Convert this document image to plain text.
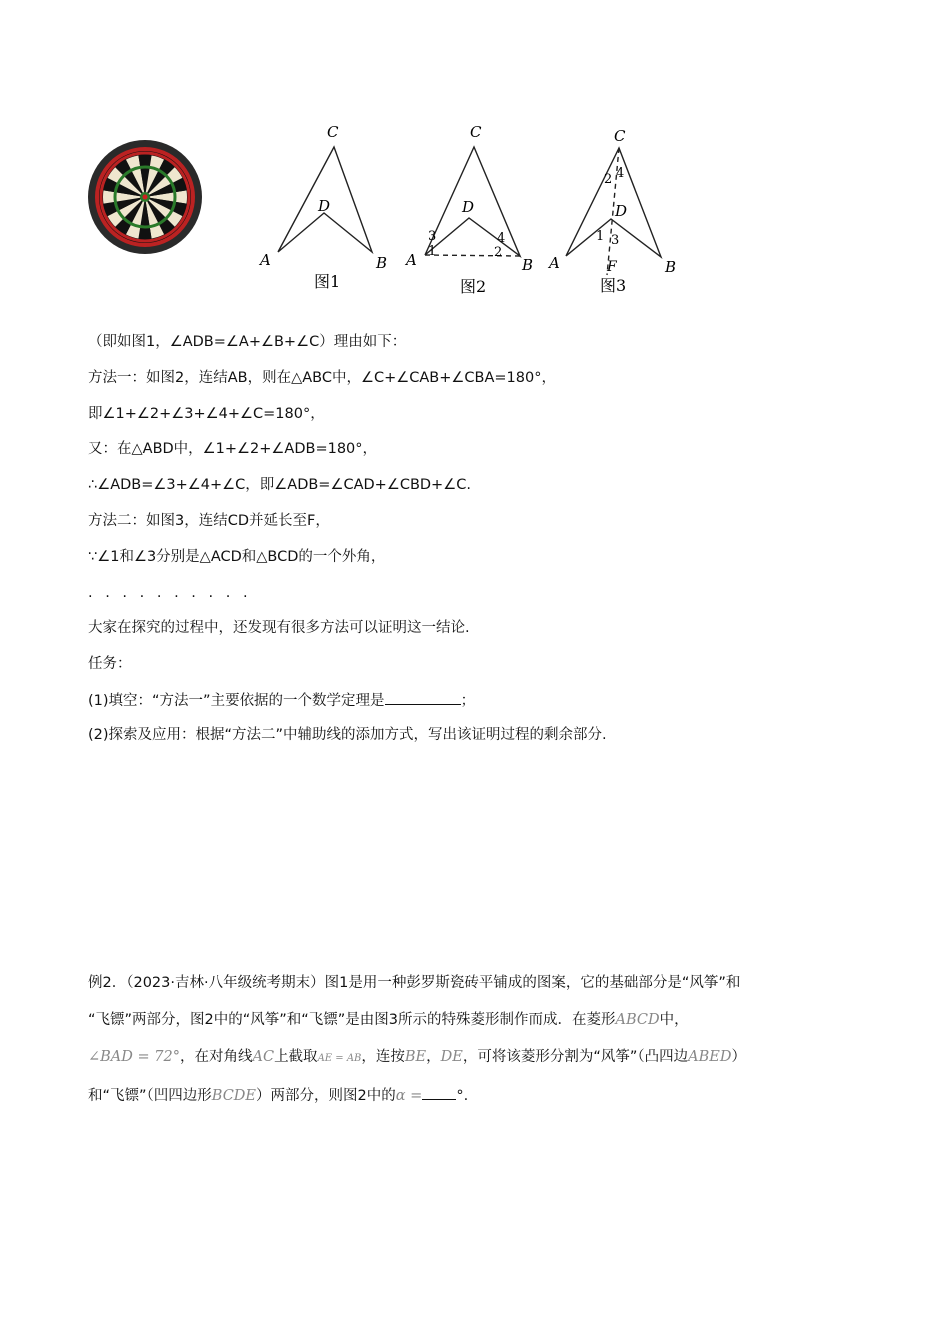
C
D
A	B
图1
C
D
A	B
3
1
4
2
图2
C
4
2
D
1 3
A	B
F
图3
（即如图1，∠ADB=∠A+∠B+∠C）理由如下：
方法一：如图2，连结AB，则在△ABC中，∠C+∠CAB+∠CBA=180°，
即∠1+∠2+∠3+∠4+∠C=180°，
又：在△ABD中，∠1+∠2+∠ADB=180°，
∴∠ADB=∠3+∠4+∠C，即∠ADB=∠CAD+∠CBD+∠C.
方法二：如图3，连结CD并延长至F，
∵∠1和∠3分别是△ACD和△BCD的一个外角，
. . . . . . . . . .
大家在探究的过程中，还发现有很多方法可以证明这一结论.
任务：
(1)填空：“方法一”主要依据的一个数学定理是	；
(2)探索及应用：根据“方法二”中辅助线的添加方式，写出该证明过程的剩余部分.
例2．（2023·吉林·八年级统考期末）图1是用一种彭罗斯瓷砖平铺成的图案，它的基础部分是“风筝”和
“飞镖”两部分，图2中的“风筝”和“飞镖”是由图3所示的特殊菱形制作而成．在菱形ABCD中，
∠BAD = 72°，在对角线AC上截取AE = AB，连按BE，DE，可将该菱形分割为“风筝”（凸四边ABED）
和“飞镖”（凹四边形BCDE）两部分，则图2中的α = °.
